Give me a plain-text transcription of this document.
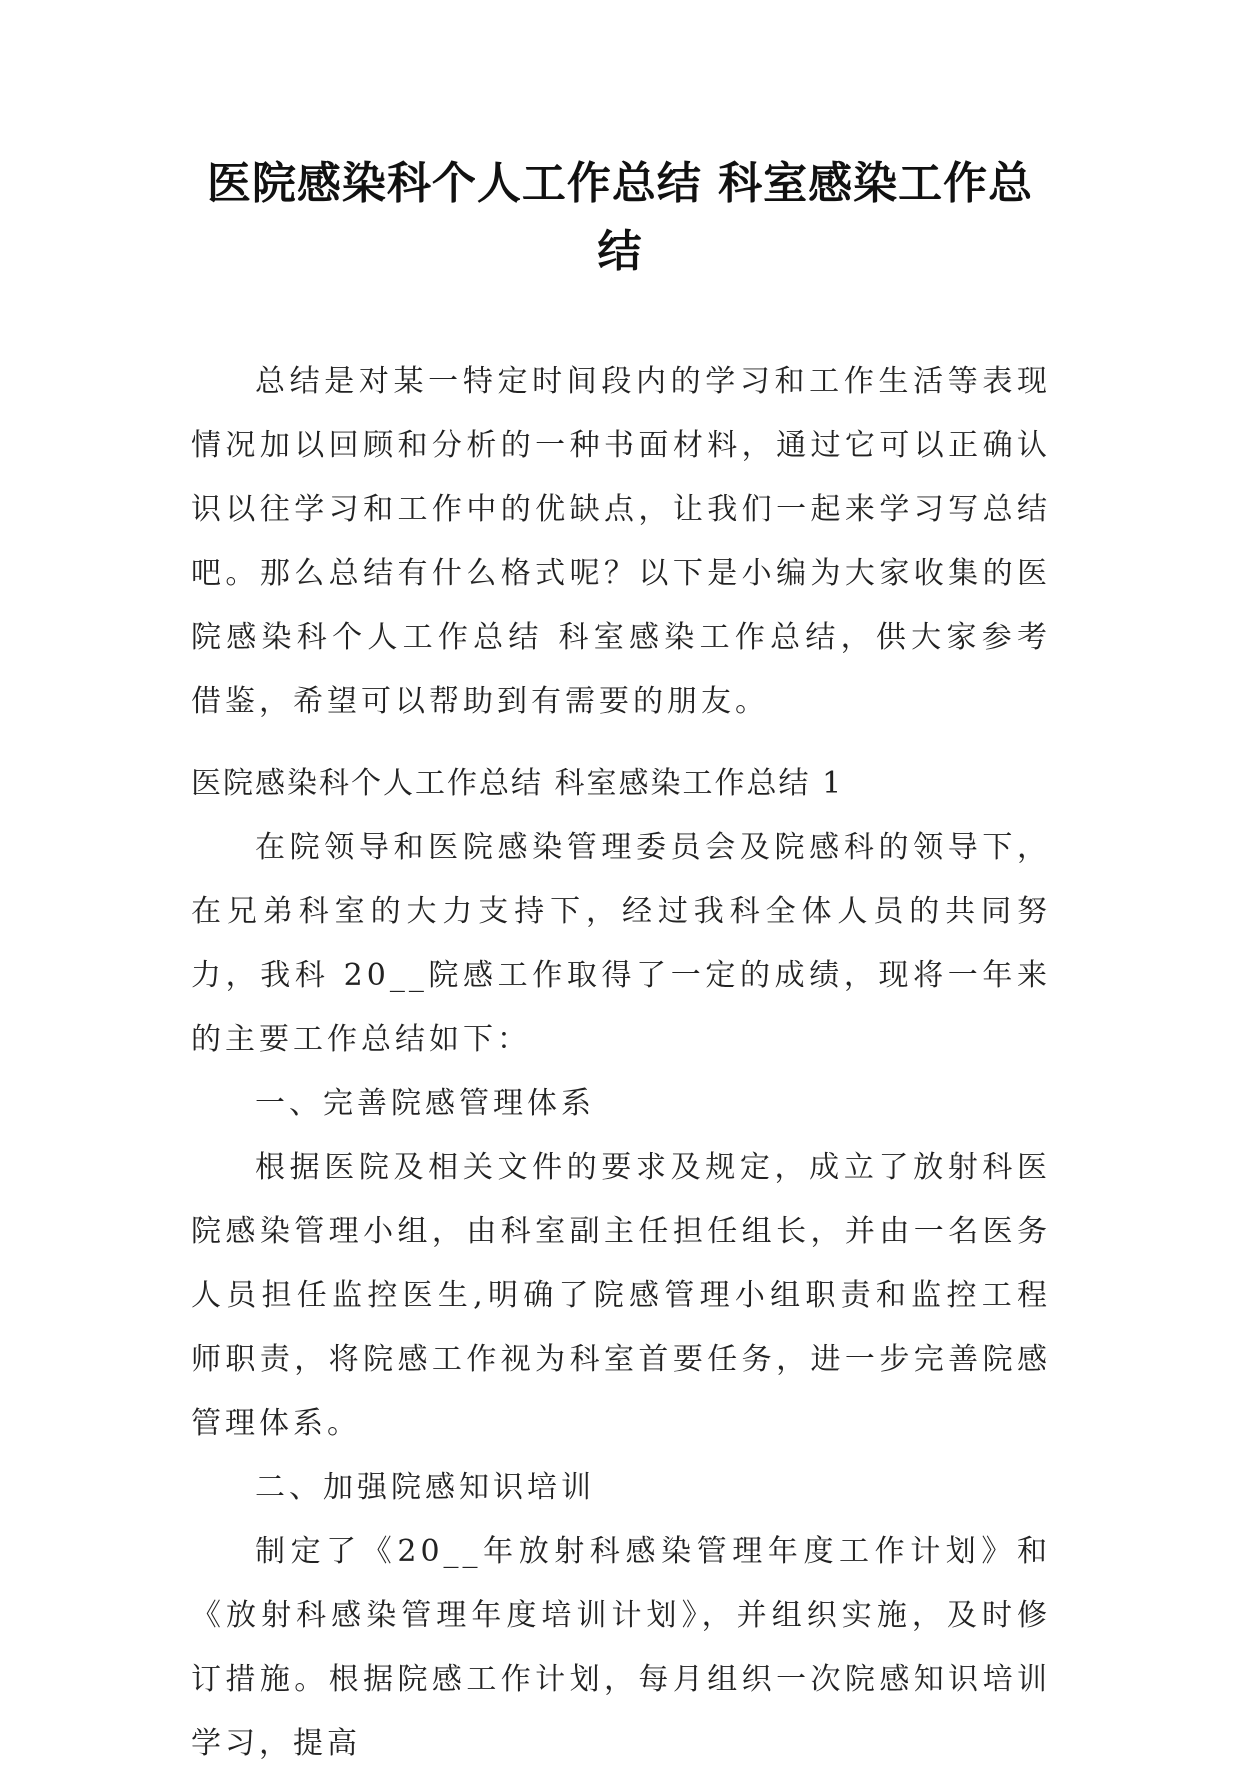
医院感染科个人工作总结 科室感染工作总
结

总结是对某一特定时间段内的学习和工作生活等表现情况加以回顾和分析的一种书面材料，通过它可以正确认识以往学习和工作中的优缺点，让我们一起来学习写总结吧。那么总结有什么格式呢？以下是小编为大家收集的医院感染科个人工作总结 科室感染工作总结，供大家参考借鉴，希望可以帮助到有需要的朋友。

医院感染科个人工作总结 科室感染工作总结 1

在院领导和医院感染管理委员会及院感科的领导下，在兄弟科室的大力支持下，经过我科全体人员的共同努力，我科 20__院感工作取得了一定的成绩，现将一年来的主要工作总结如下：

一、完善院感管理体系

根据医院及相关文件的要求及规定，成立了放射科医院感染管理小组，由科室副主任担任组长，并由一名医务人员担任监控医生,明确了院感管理小组职责和监控工程师职责，将院感工作视为科室首要任务，进一步完善院感管理体系。

二、加强院感知识培训

制定了《20__年放射科感染管理年度工作计划》和《放射科感染管理年度培训计划》，并组织实施，及时修订措施。根据院感工作计划，每月组织一次院感知识培训学习，提高
